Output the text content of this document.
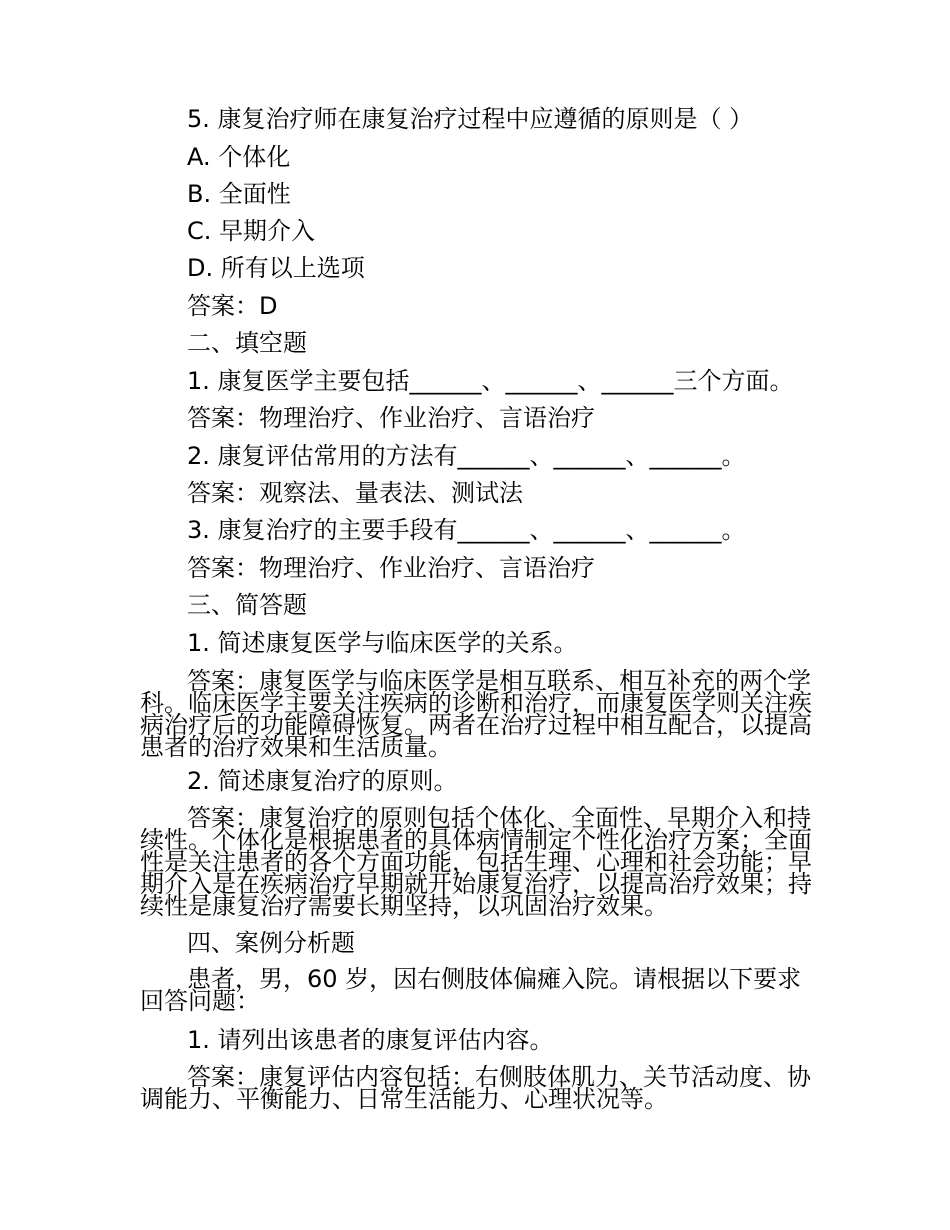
5. 康复治疗师在康复治疗过程中应遵循的原则是（ ）
A. 个体化
B. 全面性
C. 早期介入
D. 所有以上选项
答案：D
二、填空题
1. 康复医学主要包括______、______、______三个方面。
答案：物理治疗、作业治疗、言语治疗
2. 康复评估常用的方法有______、______、______。
答案：观察法、量表法、测试法
3. 康复治疗的主要手段有______、______、______。
答案：物理治疗、作业治疗、言语治疗
三、简答题
1. 简述康复医学与临床医学的关系。
答案：康复医学与临床医学是相互联系、相互补充的两个学科。临床医学主要关注疾病的诊断和治疗，而康复医学则关注疾病治疗后的功能障碍恢复。两者在治疗过程中相互配合，以提高患者的治疗效果和生活质量。
2. 简述康复治疗的原则。
答案：康复治疗的原则包括个体化、全面性、早期介入和持续性。个体化是根据患者的具体病情制定个性化治疗方案；全面性是关注患者的各个方面功能，包括生理、心理和社会功能；早期介入是在疾病治疗早期就开始康复治疗，以提高治疗效果；持续性是康复治疗需要长期坚持，以巩固治疗效果。
四、案例分析题
患者，男，60 岁，因右侧肢体偏瘫入院。请根据以下要求回答问题：
1. 请列出该患者的康复评估内容。
答案：康复评估内容包括：右侧肢体肌力、关节活动度、协调能力、平衡能力、日常生活能力、心理状况等。
